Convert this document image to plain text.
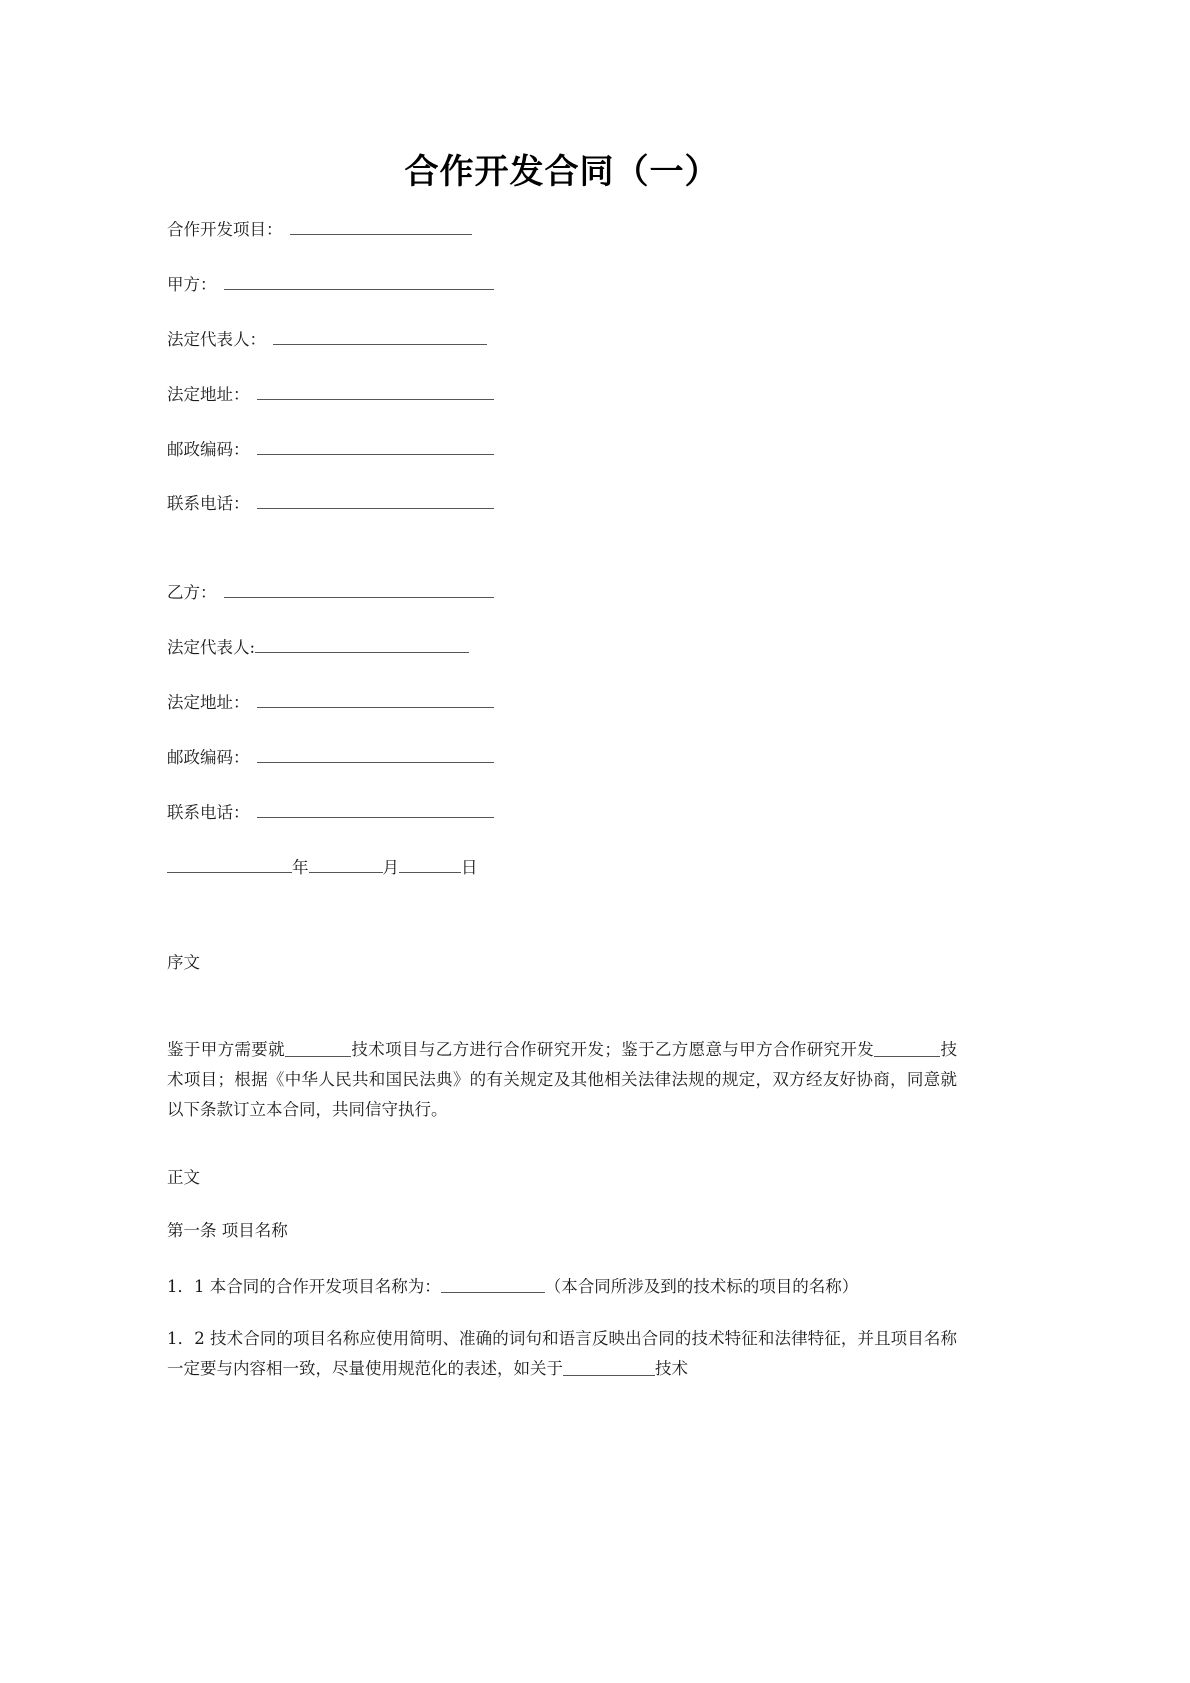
合作开发合同（一）
合作开发项目：
甲方：
法定代表人：
法定地址：
邮政编码：
联系电话：
乙方：
法定代表人:
法定地址：
邮政编码：
联系电话：
年	月	日
序文

鉴于甲方需要就	技术项目与乙方进行合作研究开发；鉴于乙方愿意与甲方合作研究开发	技术项目；根据《中华人民共和国民法典》的有关规定及其他相关法律法规的规定，双方经友好协商，同意就以下条款订立本合同，共同信守执行。

正文
第一条 项目名称

1．1 本合同的合作开发项目名称为：	（本合同所涉及到的技术标的项目的名称）

1．2 技术合同的项目名称应使用简明、准确的词句和语言反映出合同的技术特征和法律特征，并且项目名称一定要与内容相一致，尽量使用规范化的表述，如关于	技术
